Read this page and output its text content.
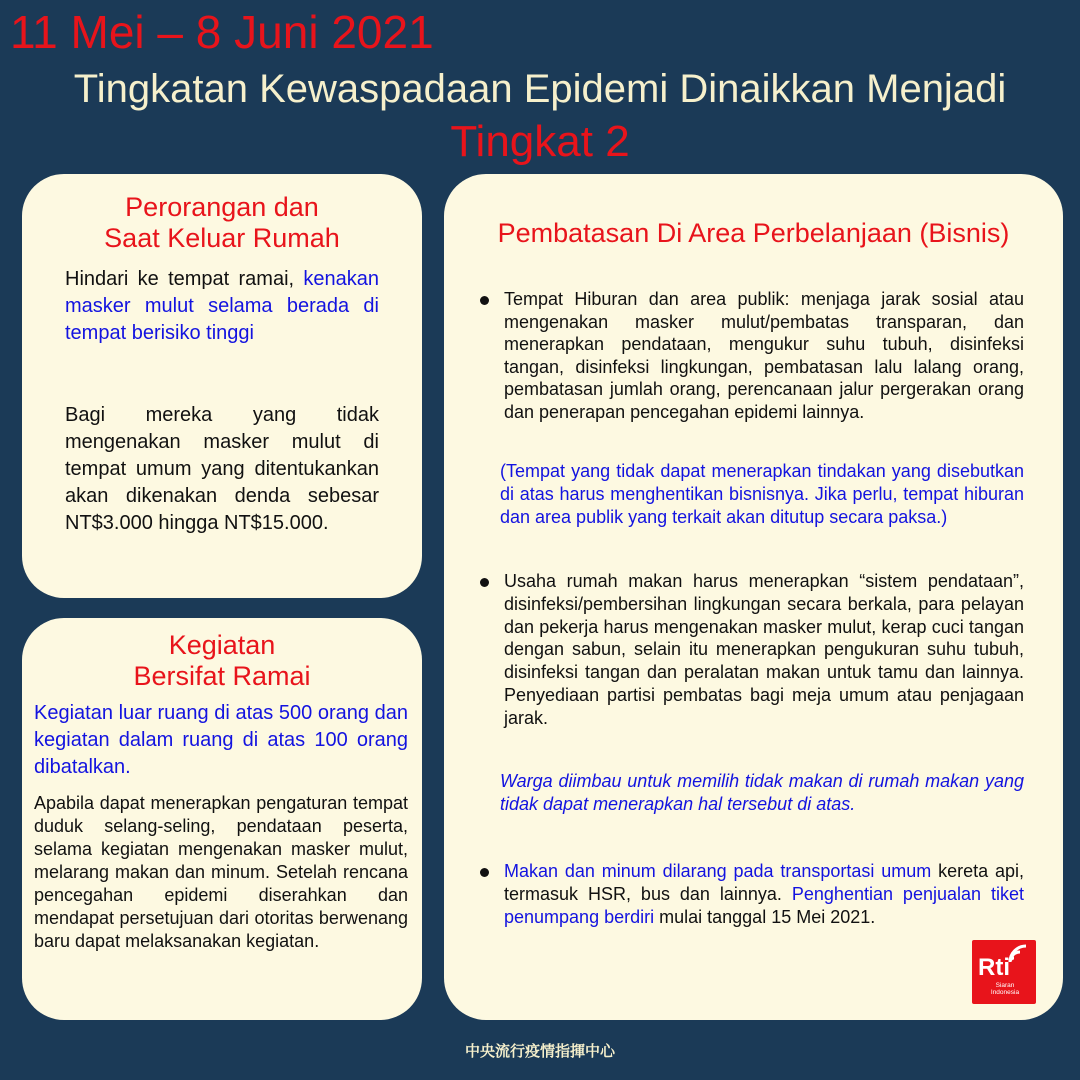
11 Mei – 8 Juni 2021
Tingkatan Kewaspadaan Epidemi Dinaikkan Menjadi
Tingkat 2
Perorangan dan
Saat Keluar Rumah

Hindari ke tempat ramai, kenakan masker mulut selama berada di tempat berisiko tinggi

Bagi mereka yang tidak mengenakan masker mulut di tempat umum yang ditentukankan akan dikenakan denda sebesar NT$3.000 hingga NT$15.000.

Kegiatan
Bersifat Ramai

Kegiatan luar ruang di atas 500 orang dan kegiatan dalam ruang di atas 100 orang dibatalkan.

Apabila dapat menerapkan pengaturan tempat duduk selang-seling, pendataan peserta, selama kegiatan mengenakan masker mulut, melarang makan dan minum. Setelah rencana pencegahan epidemi diserahkan dan mendapat persetujuan dari otoritas berwenang baru dapat melaksanakan kegiatan.

Pembatasan Di Area Perbelanjaan (Bisnis)

Tempat Hiburan dan area publik: menjaga jarak sosial atau mengenakan masker mulut/pembatas transparan, dan menerapkan pendataan, mengukur suhu tubuh, disinfeksi tangan, disinfeksi lingkungan, pembatasan lalu lalang orang, pembatasan jumlah orang, perencanaan jalur pergerakan orang dan penerapan pencegahan epidemi lainnya.

(Tempat yang tidak dapat menerapkan tindakan yang disebutkan di atas harus menghentikan bisnisnya. Jika perlu, tempat hiburan dan area publik yang terkait akan ditutup secara paksa.)

Usaha rumah makan harus menerapkan “sistem pendataan”, disinfeksi/pembersihan lingkungan secara berkala, para pelayan dan pekerja harus mengenakan masker mulut, kerap cuci tangan dengan sabun, selain itu menerapkan pengukuran suhu tubuh, disinfeksi tangan dan peralatan makan untuk tamu dan lainnya. Penyediaan partisi pembatas bagi meja umum atau penjagaan jarak.

Warga diimbau untuk memilih tidak makan di rumah makan yang tidak dapat menerapkan hal tersebut di atas.

Makan dan minum dilarang pada transportasi umum kereta api, termasuk HSR, bus dan lainnya. Penghentian penjualan tiket penumpang berdiri mulai tanggal 15 Mei 2021.

Rti
Siaran
Indonesia
中央流行疫情指揮中心
